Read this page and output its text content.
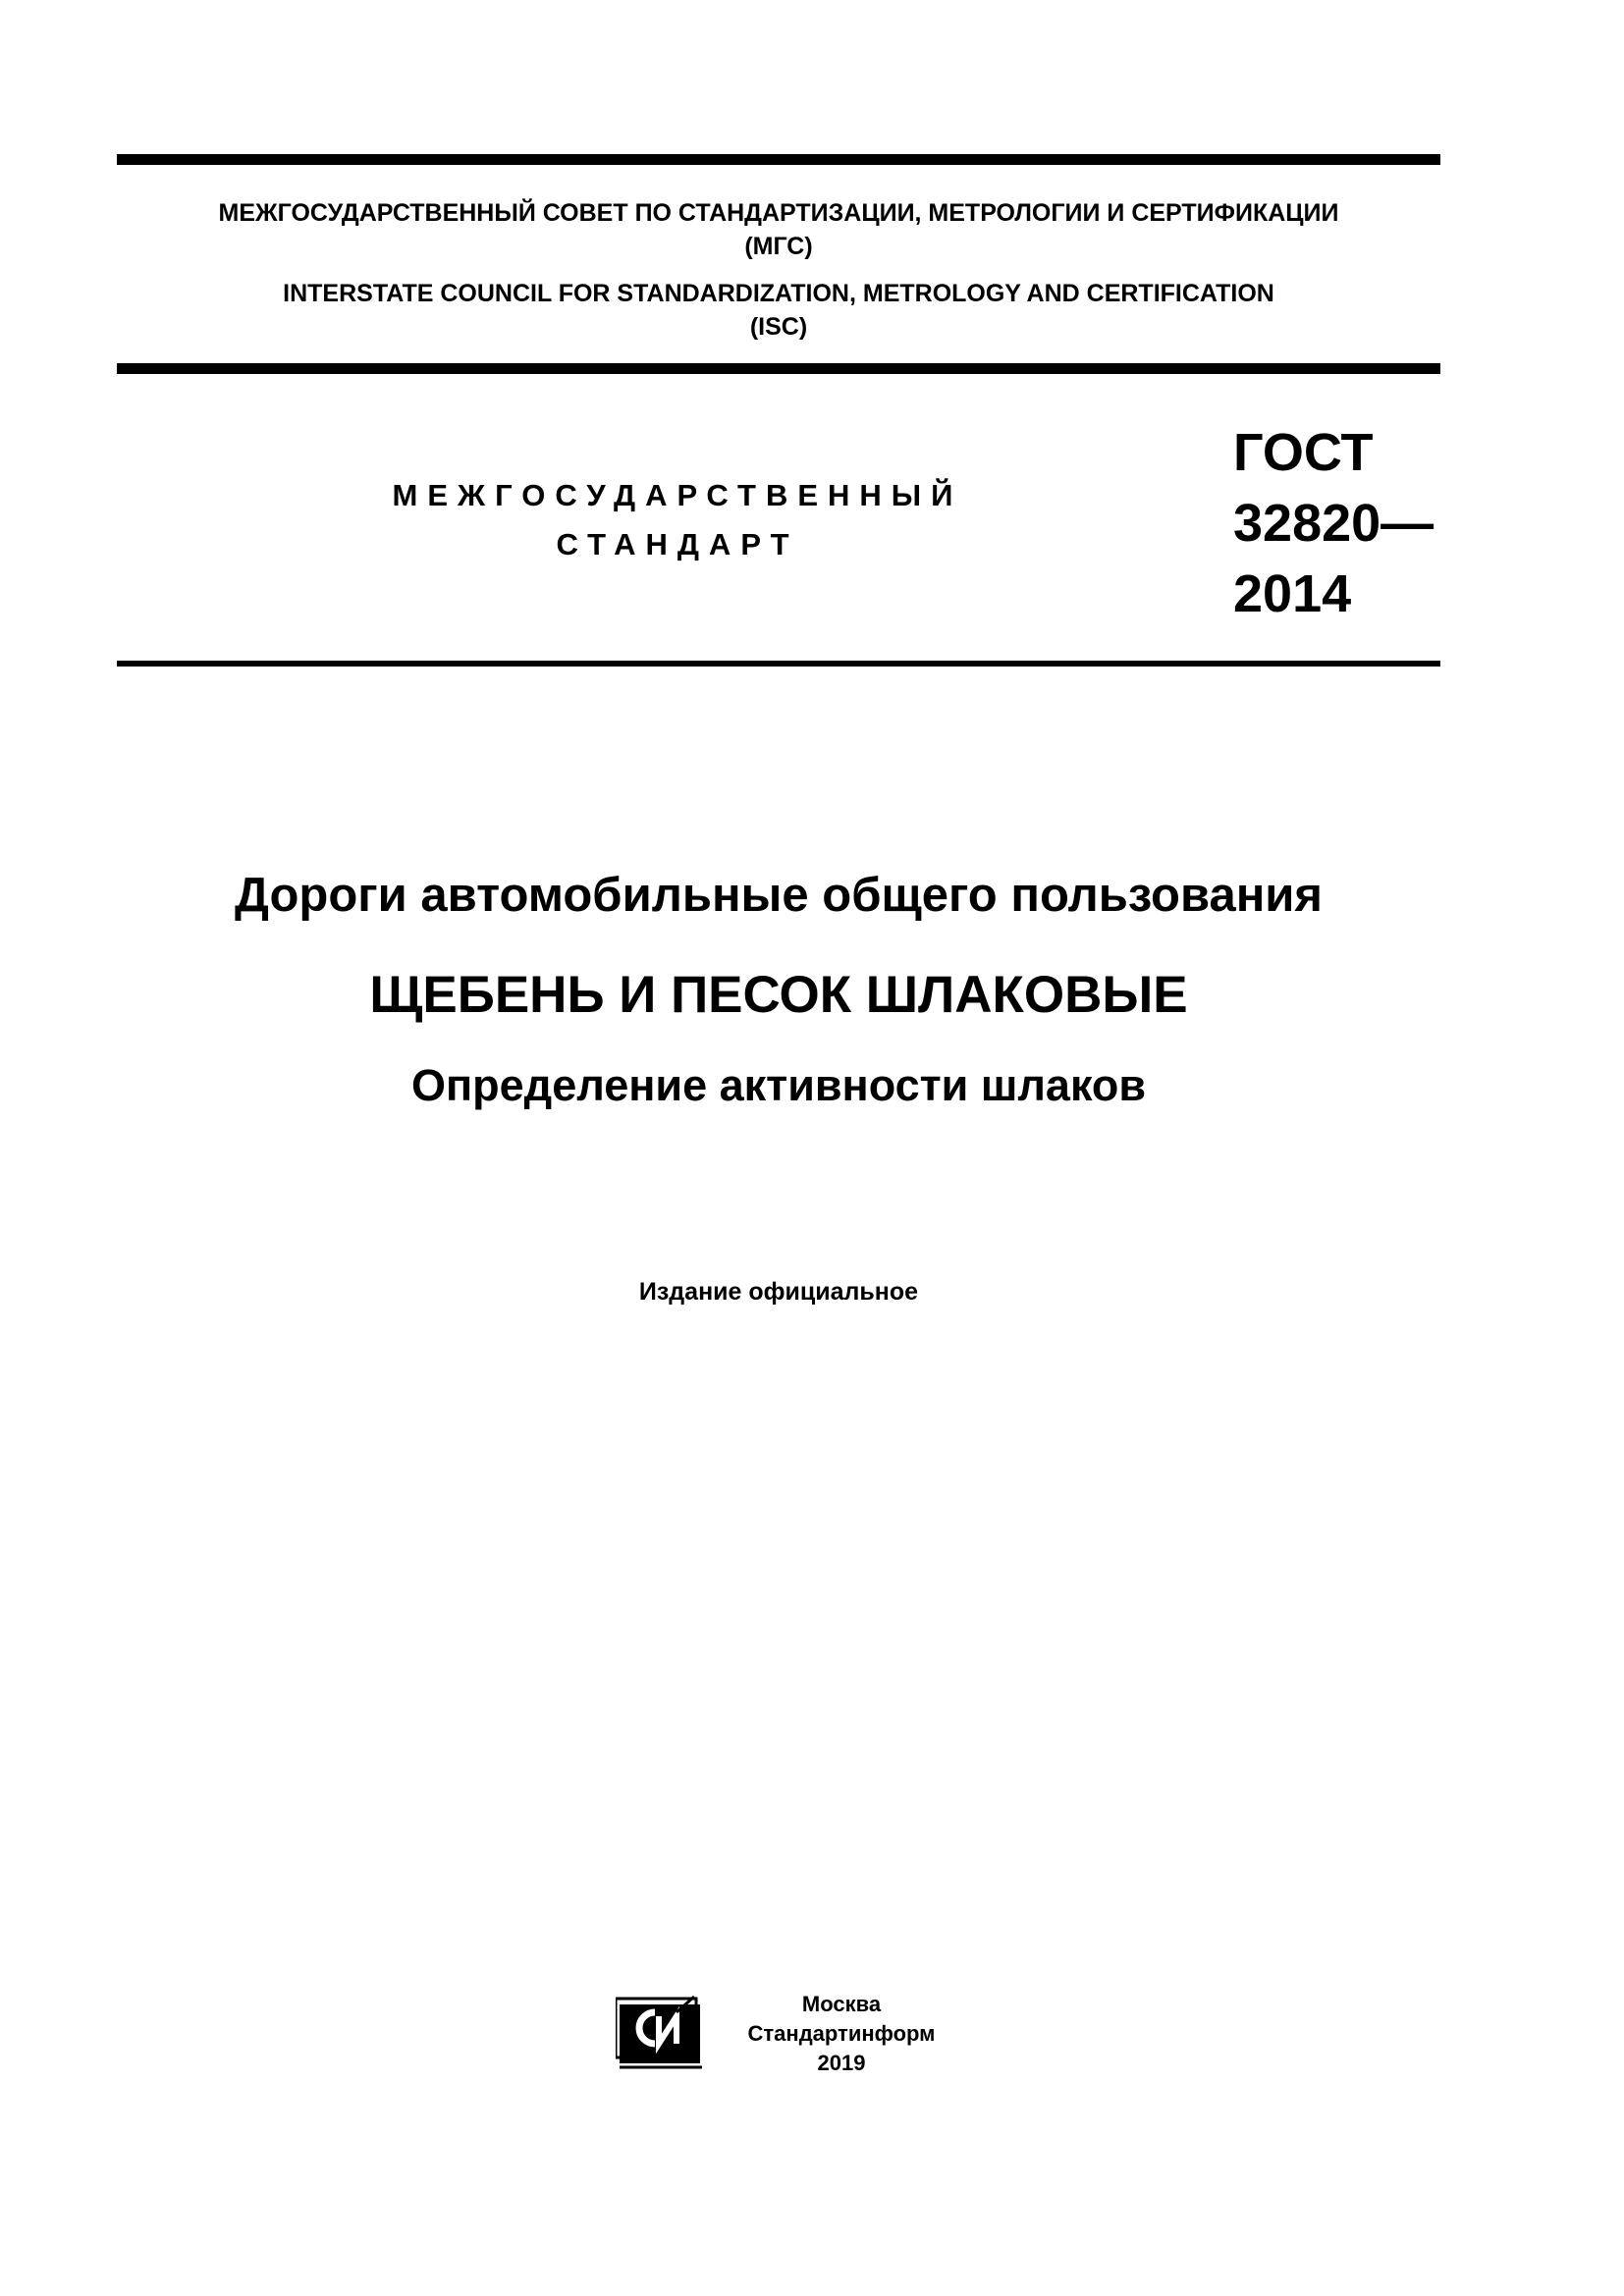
МЕЖГОСУДАРСТВЕННЫЙ СОВЕТ ПО СТАНДАРТИЗАЦИИ, МЕТРОЛОГИИ И СЕРТИФИКАЦИИ
(МГС)
INTERSTATE COUNCIL FOR STANDARDIZATION, METROLOGY AND CERTIFICATION
(ISC)
МЕЖГОСУДАРСТВЕННЫЙ
СТАНДАРТ
ГОСТ
32820—
2014
Дороги автомобильные общего пользования
ЩЕБЕНЬ И ПЕСОК ШЛАКОВЫЕ
Определение активности шлаков
Издание официальное
Москва
Стандартинформ
2019
